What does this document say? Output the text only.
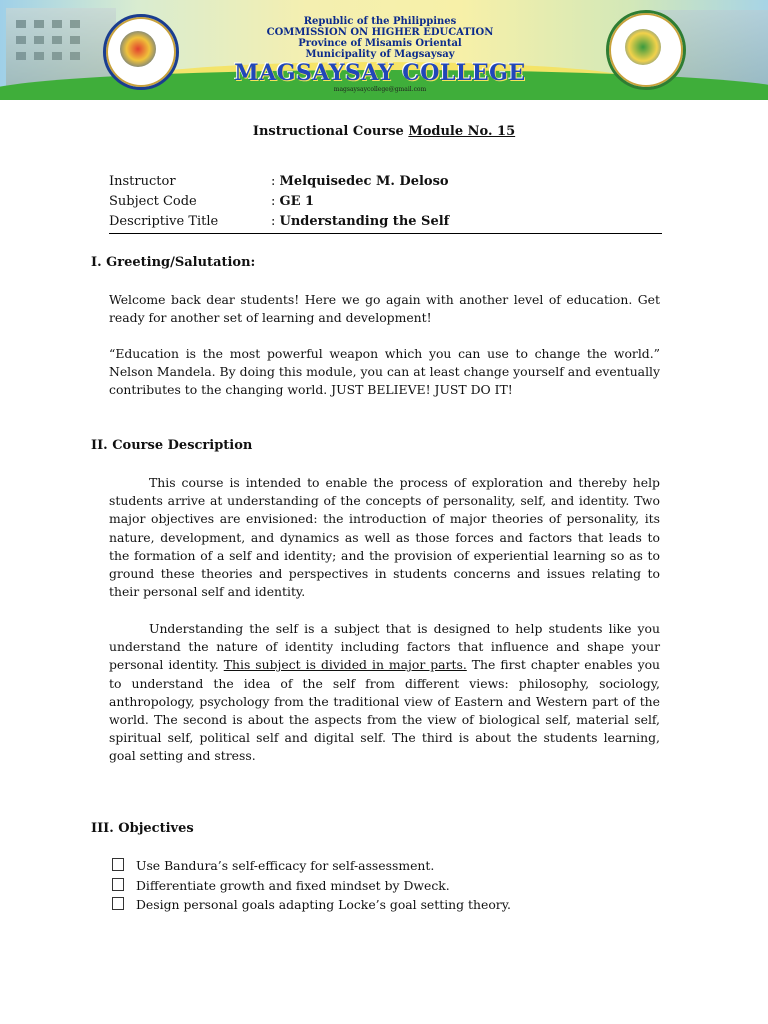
Republic of the Philippines
COMMISSION ON HIGHER EDUCATION
Province of Misamis Oriental
Municipality of Magsaysay
MAGSAYSAY COLLEGE
magsaysaycollege@gmail.com
Instructional Course Module No. 15
Instructor	: Melquisedec M. Deloso
Subject Code	: GE 1
Descriptive Title	: Understanding the Self
I. Greeting/Salutation:
Welcome back dear students! Here we go again with another level of education. Get ready for another set of learning and development!
“Education is the most powerful weapon which you can use to change the world.” Nelson Mandela. By doing this module, you can at least change yourself and eventually contributes to the changing world. JUST BELIEVE! JUST DO IT!
II. Course Description
This course is intended to enable the process of exploration and thereby help students arrive at understanding of the concepts of personality, self, and identity. Two major objectives are envisioned: the introduction of major theories of personality, its nature, development, and dynamics as well as those forces and factors that leads to the formation of a self and identity; and the provision of experiential learning so as to ground these theories and perspectives in students concerns and issues relating to their personal self and identity.
Understanding the self is a subject that is designed to help students like you understand the nature of identity including factors that influence and shape your personal identity. This subject is divided in major parts. The first chapter enables you to understand the idea of the self from different views: philosophy, sociology, anthropology, psychology from the traditional view of Eastern and Western part of the world. The second is about the aspects from the view of biological self, material self, spiritual self, political self and digital self. The third is about the students learning, goal setting and stress.
III. Objectives
Use Bandura’s self-efficacy for self-assessment.
Differentiate growth and fixed mindset by Dweck.
Design personal goals adapting Locke’s goal setting theory.
